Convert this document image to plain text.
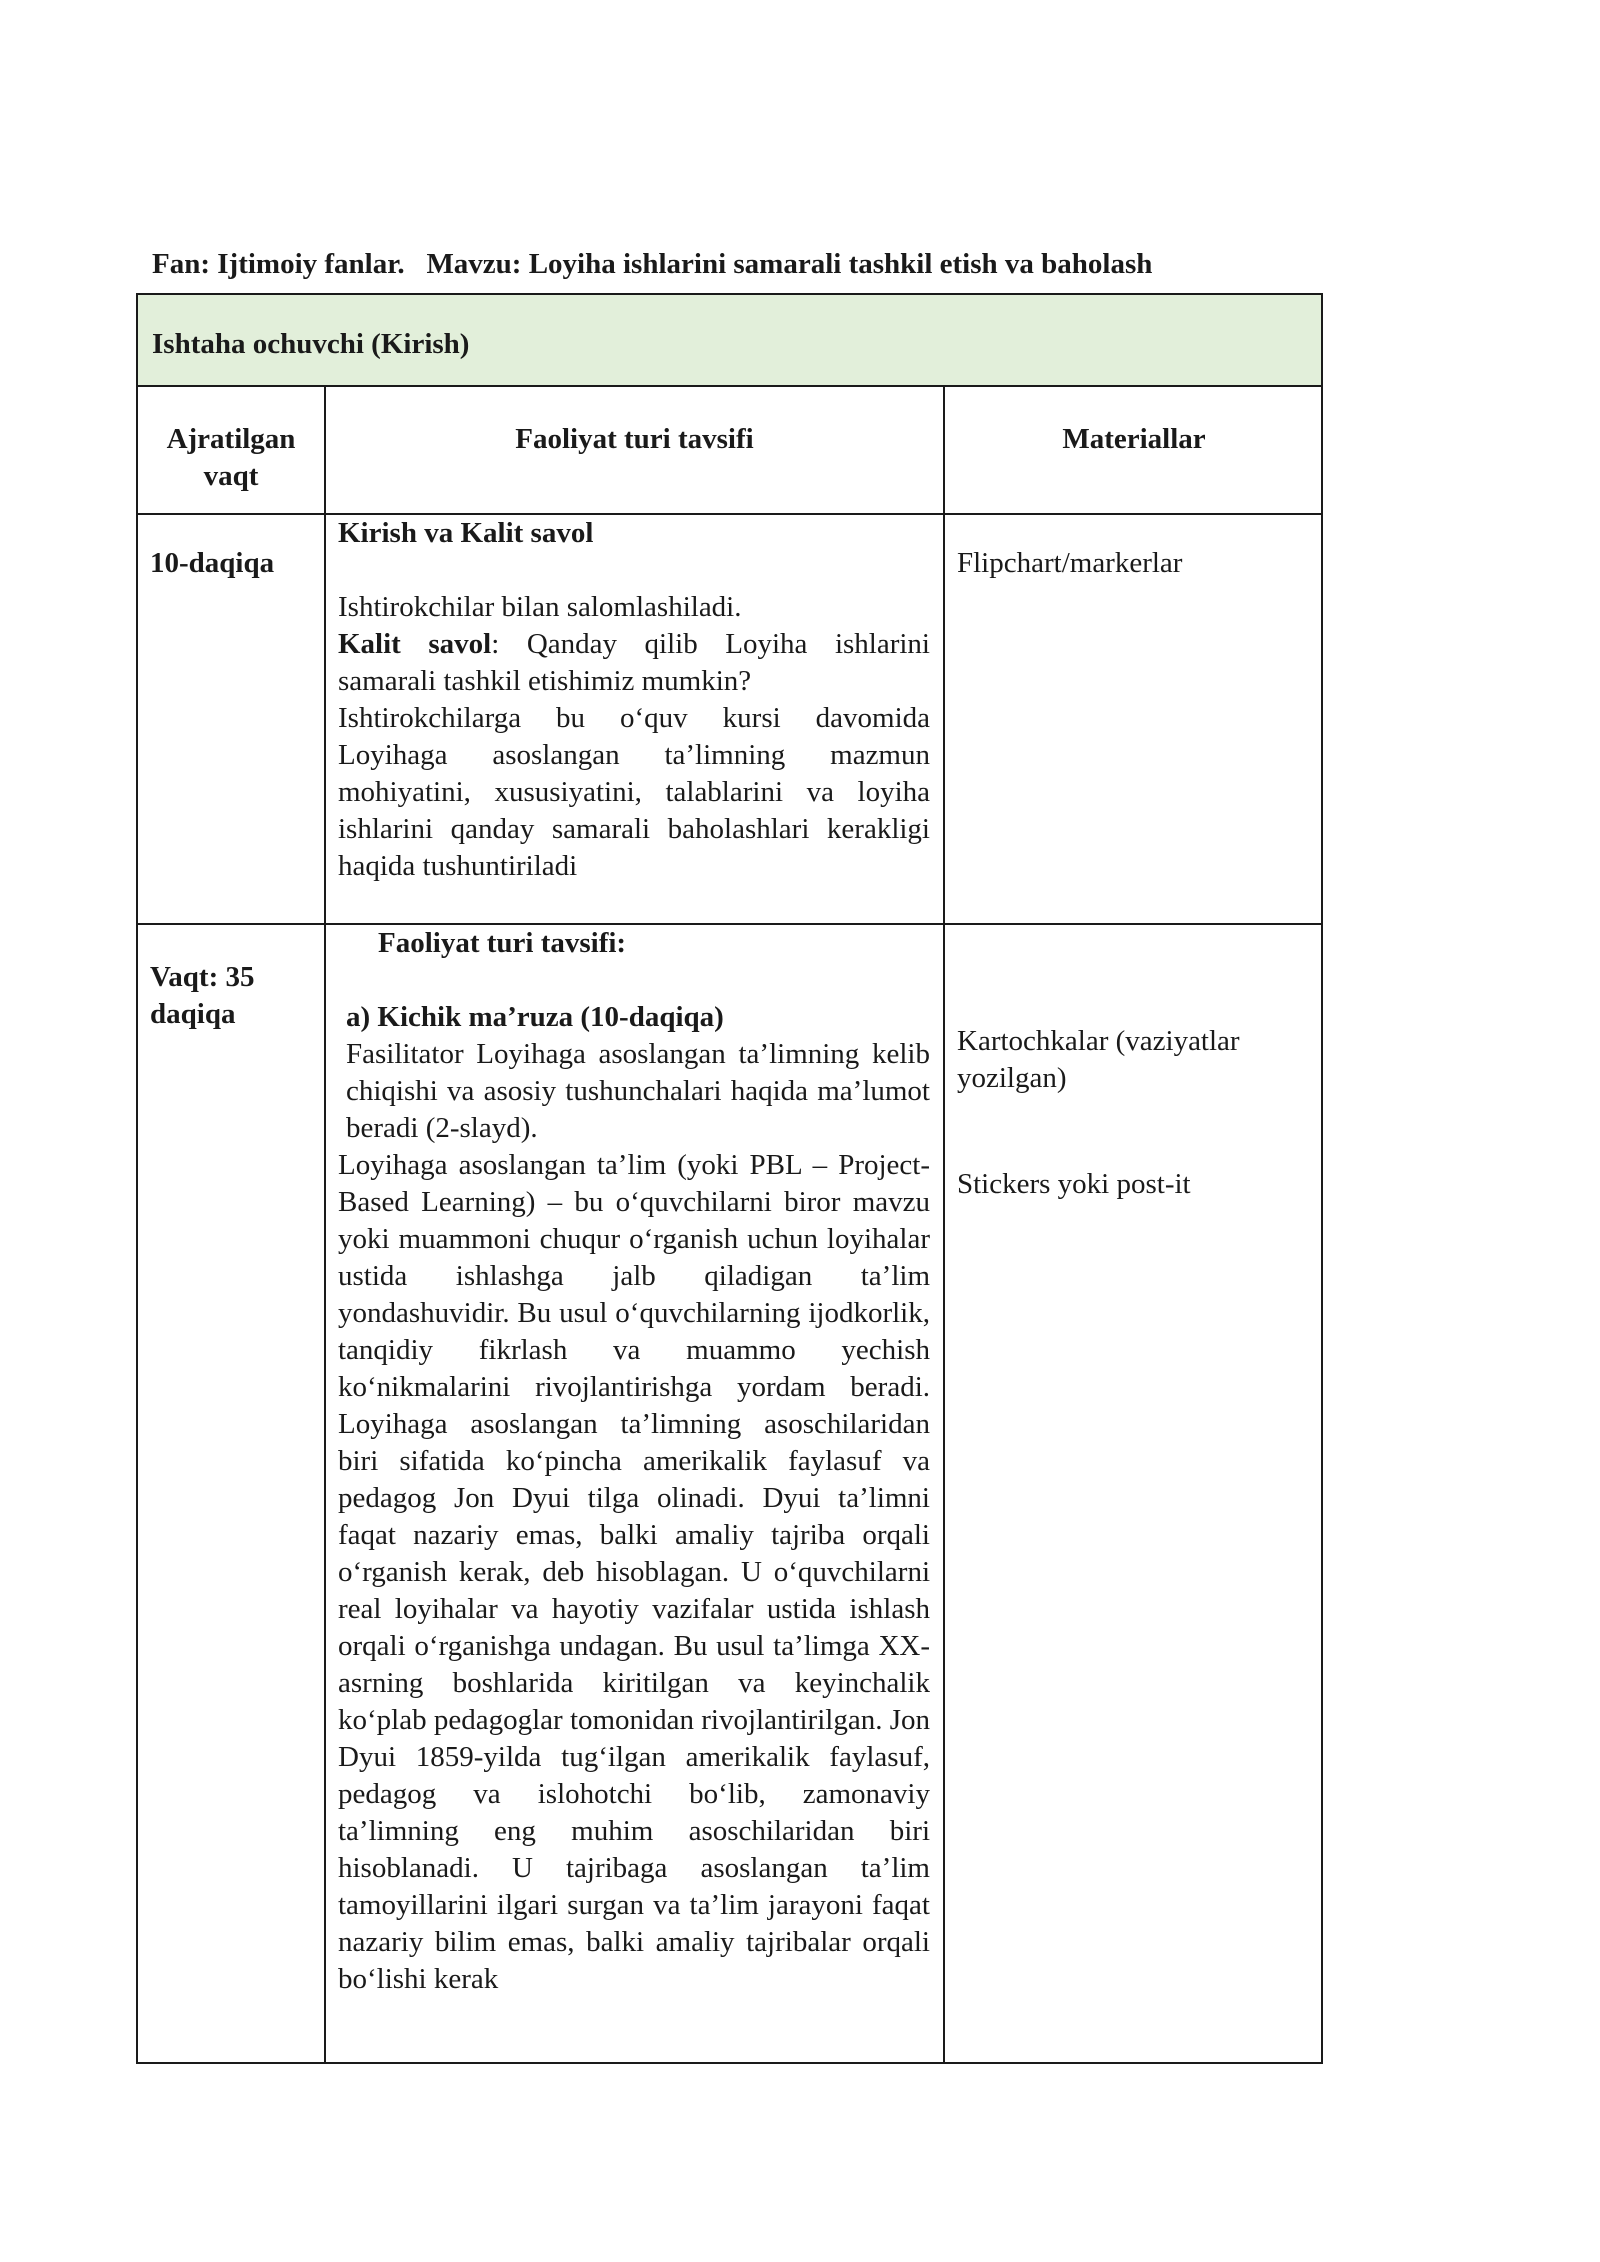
Fan: Ijtimoiy fanlar. Mavzu: Loyiha ishlarini samarali tashkil etish va baholash
Ishtaha ochuvchi (Kirish)
Ajratilgan
vaqt
Faoliyat turi tavsifi	Materiallar
10-daqiqa

Kirish va Kalit savol

Ishtirokchilar bilan salomlashiladi.

Kalit savol: Qanday qilib Loyiha ishlarini samarali tashkil etishimiz mumkin?

Ishtirokchilarga bu o‘quv kursi davomida Loyihaga asoslangan ta’limning mazmun mohiyatini, xususiyatini, talablarini va loyiha ishlarini qanday samarali baholashlari kerakligi haqida tushuntiriladi

Flipchart/markerlar
Vaqt: 35 daqiqa

Faoliyat turi tavsifi:

a) Kichik ma’ruza (10-daqiqa)

Fasilitator Loyihaga asoslangan ta’limning kelib chiqishi va asosiy tushunchalari haqida ma’lumot beradi (2-slayd).

Loyihaga asoslangan ta’lim (yoki PBL – Project-Based Learning) – bu o‘quvchilarni biror mavzu yoki muammoni chuqur o‘rganish uchun loyihalar ustida ishlashga jalb qiladigan ta’lim yondashuvidir. Bu usul o‘quvchilarning ijodkorlik, tanqidiy fikrlash va muammo yechish ko‘nikmalarini rivojlantirishga yordam beradi. Loyihaga asoslangan ta’limning asoschilaridan biri sifatida ko‘pincha amerikalik faylasuf va pedagog Jon Dyui tilga olinadi. Dyui ta’limni faqat nazariy emas, balki amaliy tajriba orqali o‘rganish kerak, deb hisoblagan. U o‘quvchilarni real loyihalar va hayotiy vazifalar ustida ishlash orqali o‘rganishga undagan. Bu usul ta’limga XX-asrning boshlarida kiritilgan va keyinchalik ko‘plab pedagoglar tomonidan rivojlantirilgan. Jon Dyui 1859-yilda tug‘ilgan amerikalik faylasuf, pedagog va islohotchi bo‘lib, zamonaviy ta’limning eng muhim asoschilaridan biri hisoblanadi. U tajribaga asoslangan ta’lim tamoyillarini ilgari surgan va ta’lim jarayoni faqat nazariy bilim emas, balki amaliy tajribalar orqali bo‘lishi kerak

Kartochkalar (vaziyatlar yozilgan)
Stickers yoki post-it
